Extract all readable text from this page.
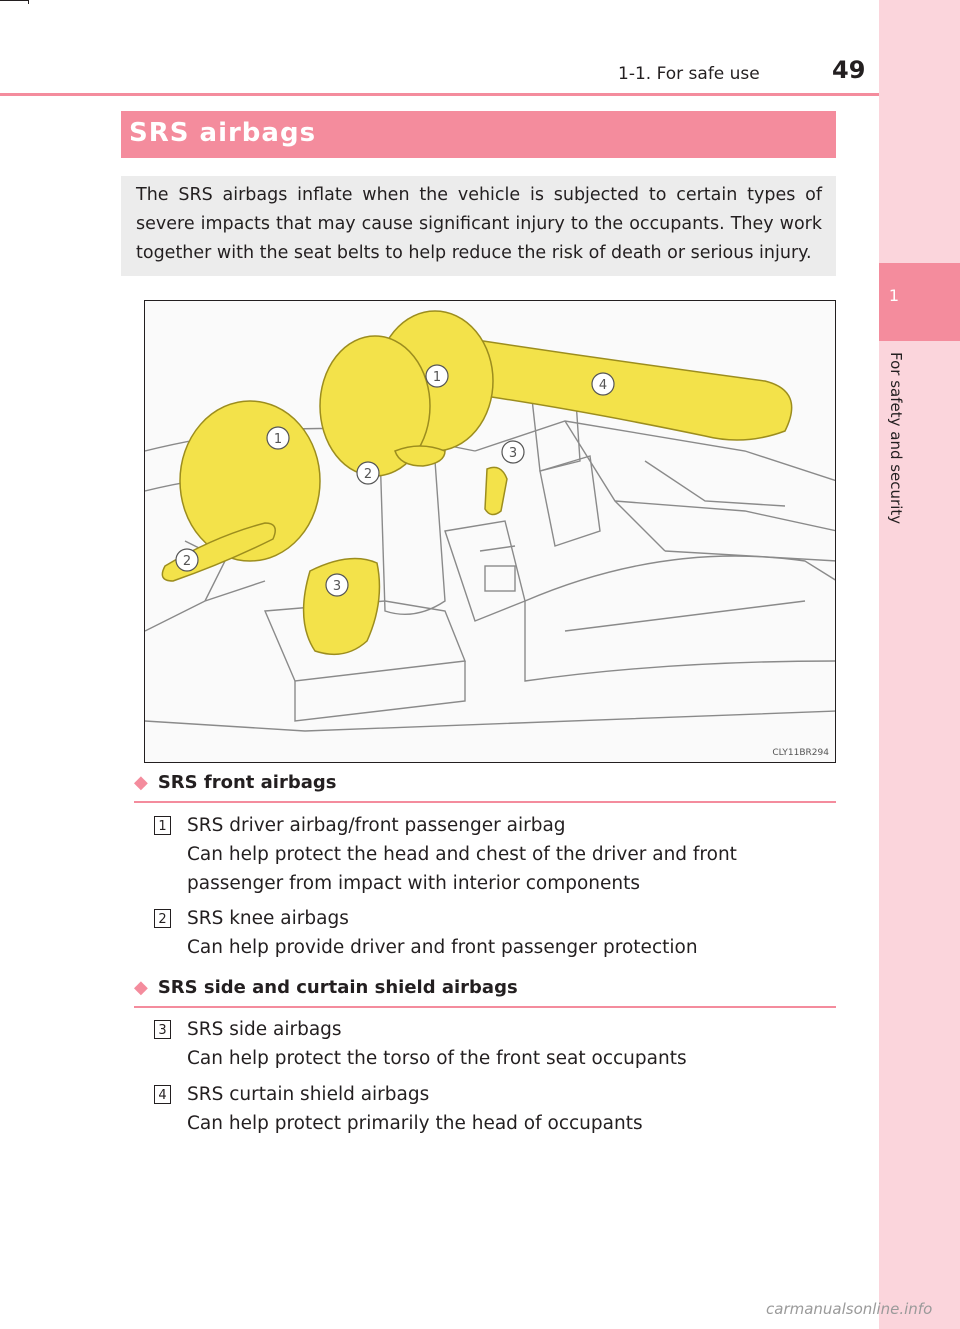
1
For safety and security
1-1. For safe use	49
SRS airbags
The SRS airbags inflate when the vehicle is subjected to certain types of severe impacts that may cause significant injury to the occupants. They work together with the seat belts to help reduce the risk of death or serious injury.
1
1
2
2
3
3
4
CLY11BR294
◆ SRS front airbags
1 SRS driver airbag/front passenger airbag
Can help protect the head and chest of the driver and front passenger from impact with interior components
2 SRS knee airbags
Can help provide driver and front passenger protection
◆ SRS side and curtain shield airbags
3 SRS side airbags
Can help protect the torso of the front seat occupants
4 SRS curtain shield airbags
Can help protect primarily the head of occupants
carmanualsonline.info
